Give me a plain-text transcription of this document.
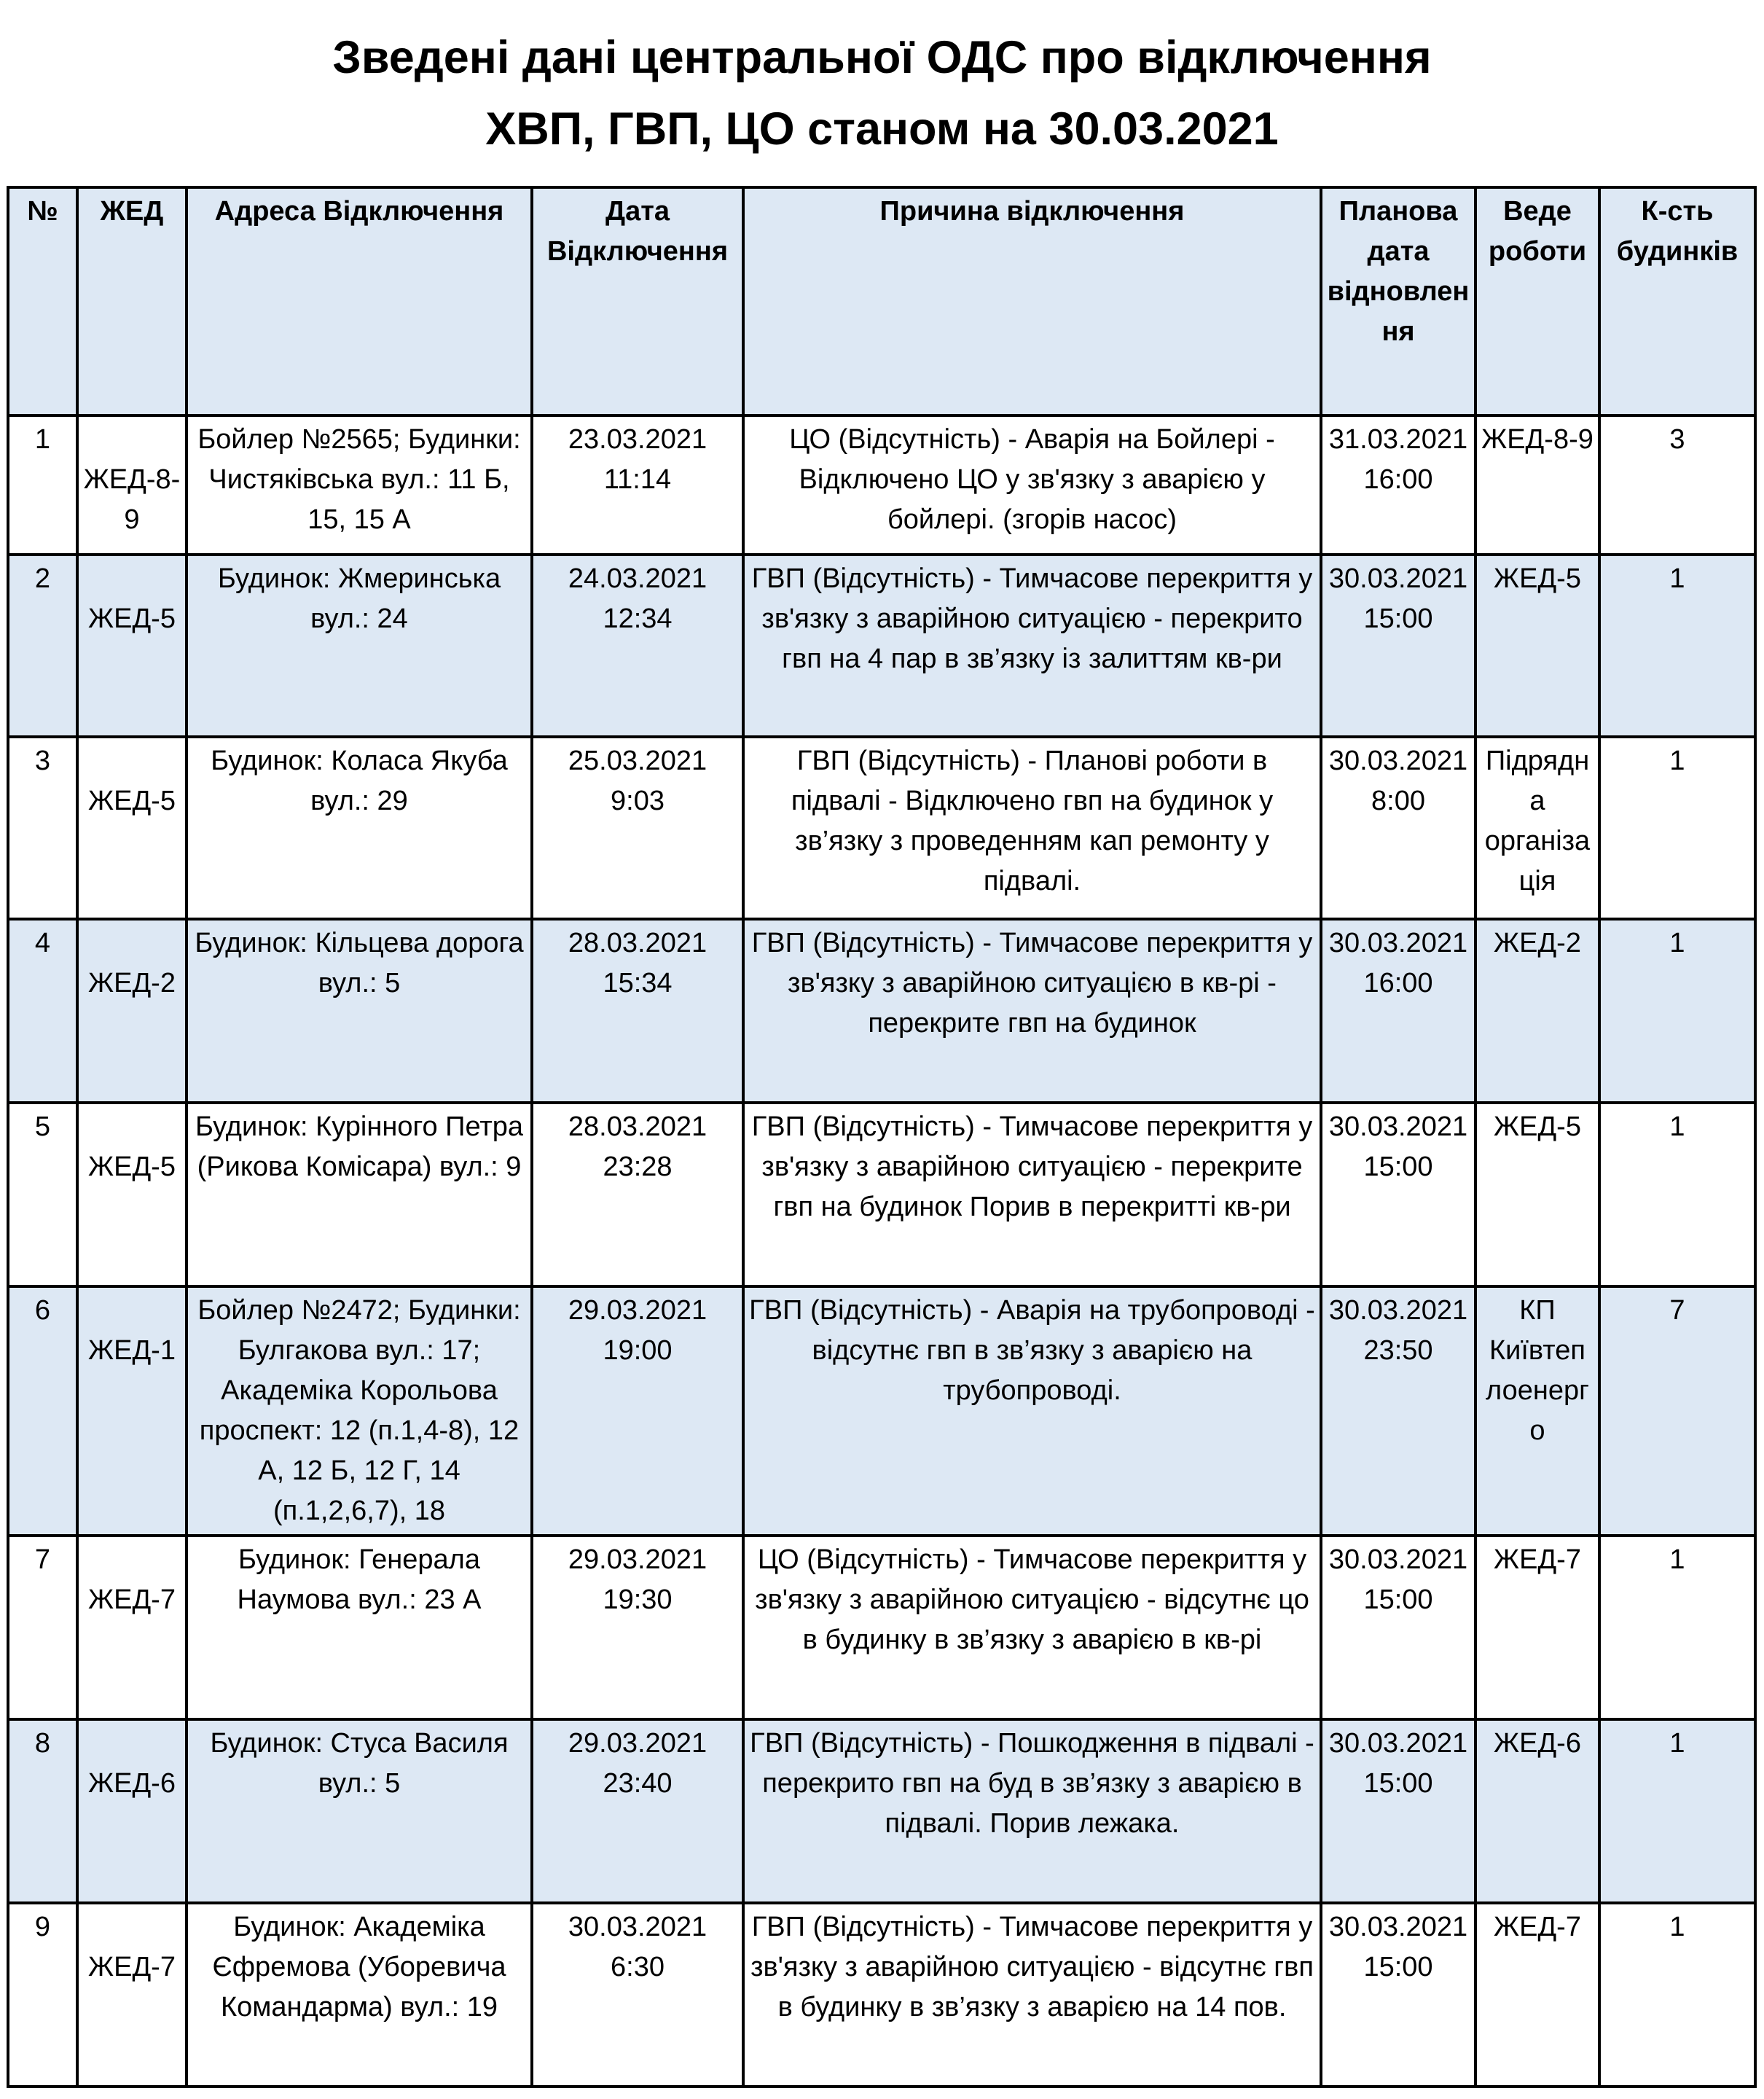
Зведені дані центральної ОДС про відключення
ХВП, ГВП, ЦО станом на 30.03.2021
№	ЖЕД	Адреса Відключення	Дата Відключення	Причина відключення	Планова дата відновлення	Веде роботи	К-сть будинків
1	ЖЕД-8-9	Бойлер №2565; Будинки: Чистяківська вул.: 11 Б, 15, 15 А	23.03.2021 11:14	ЦО (Відсутність) - Аварія на Бойлері - Відключено ЦО у зв'язку з аварією у бойлері. (згорів насос)	31.03.2021 16:00	ЖЕД-8-9	3
2	ЖЕД-5	Будинок: Жмеринська вул.: 24	24.03.2021 12:34	ГВП (Відсутність) - Тимчасове перекриття у зв'язку з аварійною ситуацією - перекрито гвп на 4 пар в зв’язку із залиттям кв-ри	30.03.2021 15:00	ЖЕД-5	1
3	ЖЕД-5	Будинок: Коласа Якуба вул.: 29	25.03.2021 9:03	ГВП (Відсутність) - Планові роботи в підвалі - Відключено гвп на будинок у зв’язку з проведенням кап ремонту у підвалі.	30.03.2021 8:00	Підрядна організація	1
4	ЖЕД-2	Будинок: Кільцева дорога вул.: 5	28.03.2021 15:34	ГВП (Відсутність) - Тимчасове перекриття у зв'язку з аварійною ситуацією в кв-рі - перекрите гвп на будинок	30.03.2021 16:00	ЖЕД-2	1
5	ЖЕД-5	Будинок: Курінного Петра (Рикова Комісара) вул.: 9	28.03.2021 23:28	ГВП (Відсутність) - Тимчасове перекриття у зв'язку з аварійною ситуацією - перекрите гвп на будинок Порив в перекритті кв-ри	30.03.2021 15:00	ЖЕД-5	1
6	ЖЕД-1	Бойлер №2472; Будинки: Булгакова вул.: 17; Академіка Корольова проспект: 12 (п.1,4-8), 12 А, 12 Б, 12 Г, 14 (п.1,2,6,7), 18	29.03.2021 19:00	ГВП (Відсутність) - Аварія на трубопроводі - відсутнє гвп в зв’язку з аварією на трубопроводі.	30.03.2021 23:50	КП Київтеплоенерго	7
7	ЖЕД-7	Будинок: Генерала Наумова вул.: 23 А	29.03.2021 19:30	ЦО (Відсутність) - Тимчасове перекриття у зв'язку з аварійною ситуацією - відсутнє цо в будинку в зв’язку з аварією в кв-рі	30.03.2021 15:00	ЖЕД-7	1
8	ЖЕД-6	Будинок: Стуса Василя вул.: 5	29.03.2021 23:40	ГВП (Відсутність) - Пошкодження в підвалі - перекрито гвп на буд в зв’язку з аварією в підвалі. Порив лежака.	30.03.2021 15:00	ЖЕД-6	1
9	ЖЕД-7	Будинок: Академіка Єфремова (Уборевича Командарма) вул.: 19	30.03.2021 6:30	ГВП (Відсутність) - Тимчасове перекриття у зв'язку з аварійною ситуацією - відсутнє гвп в будинку в зв’язку з аварією на 14 пов.	30.03.2021 15:00	ЖЕД-7	1
